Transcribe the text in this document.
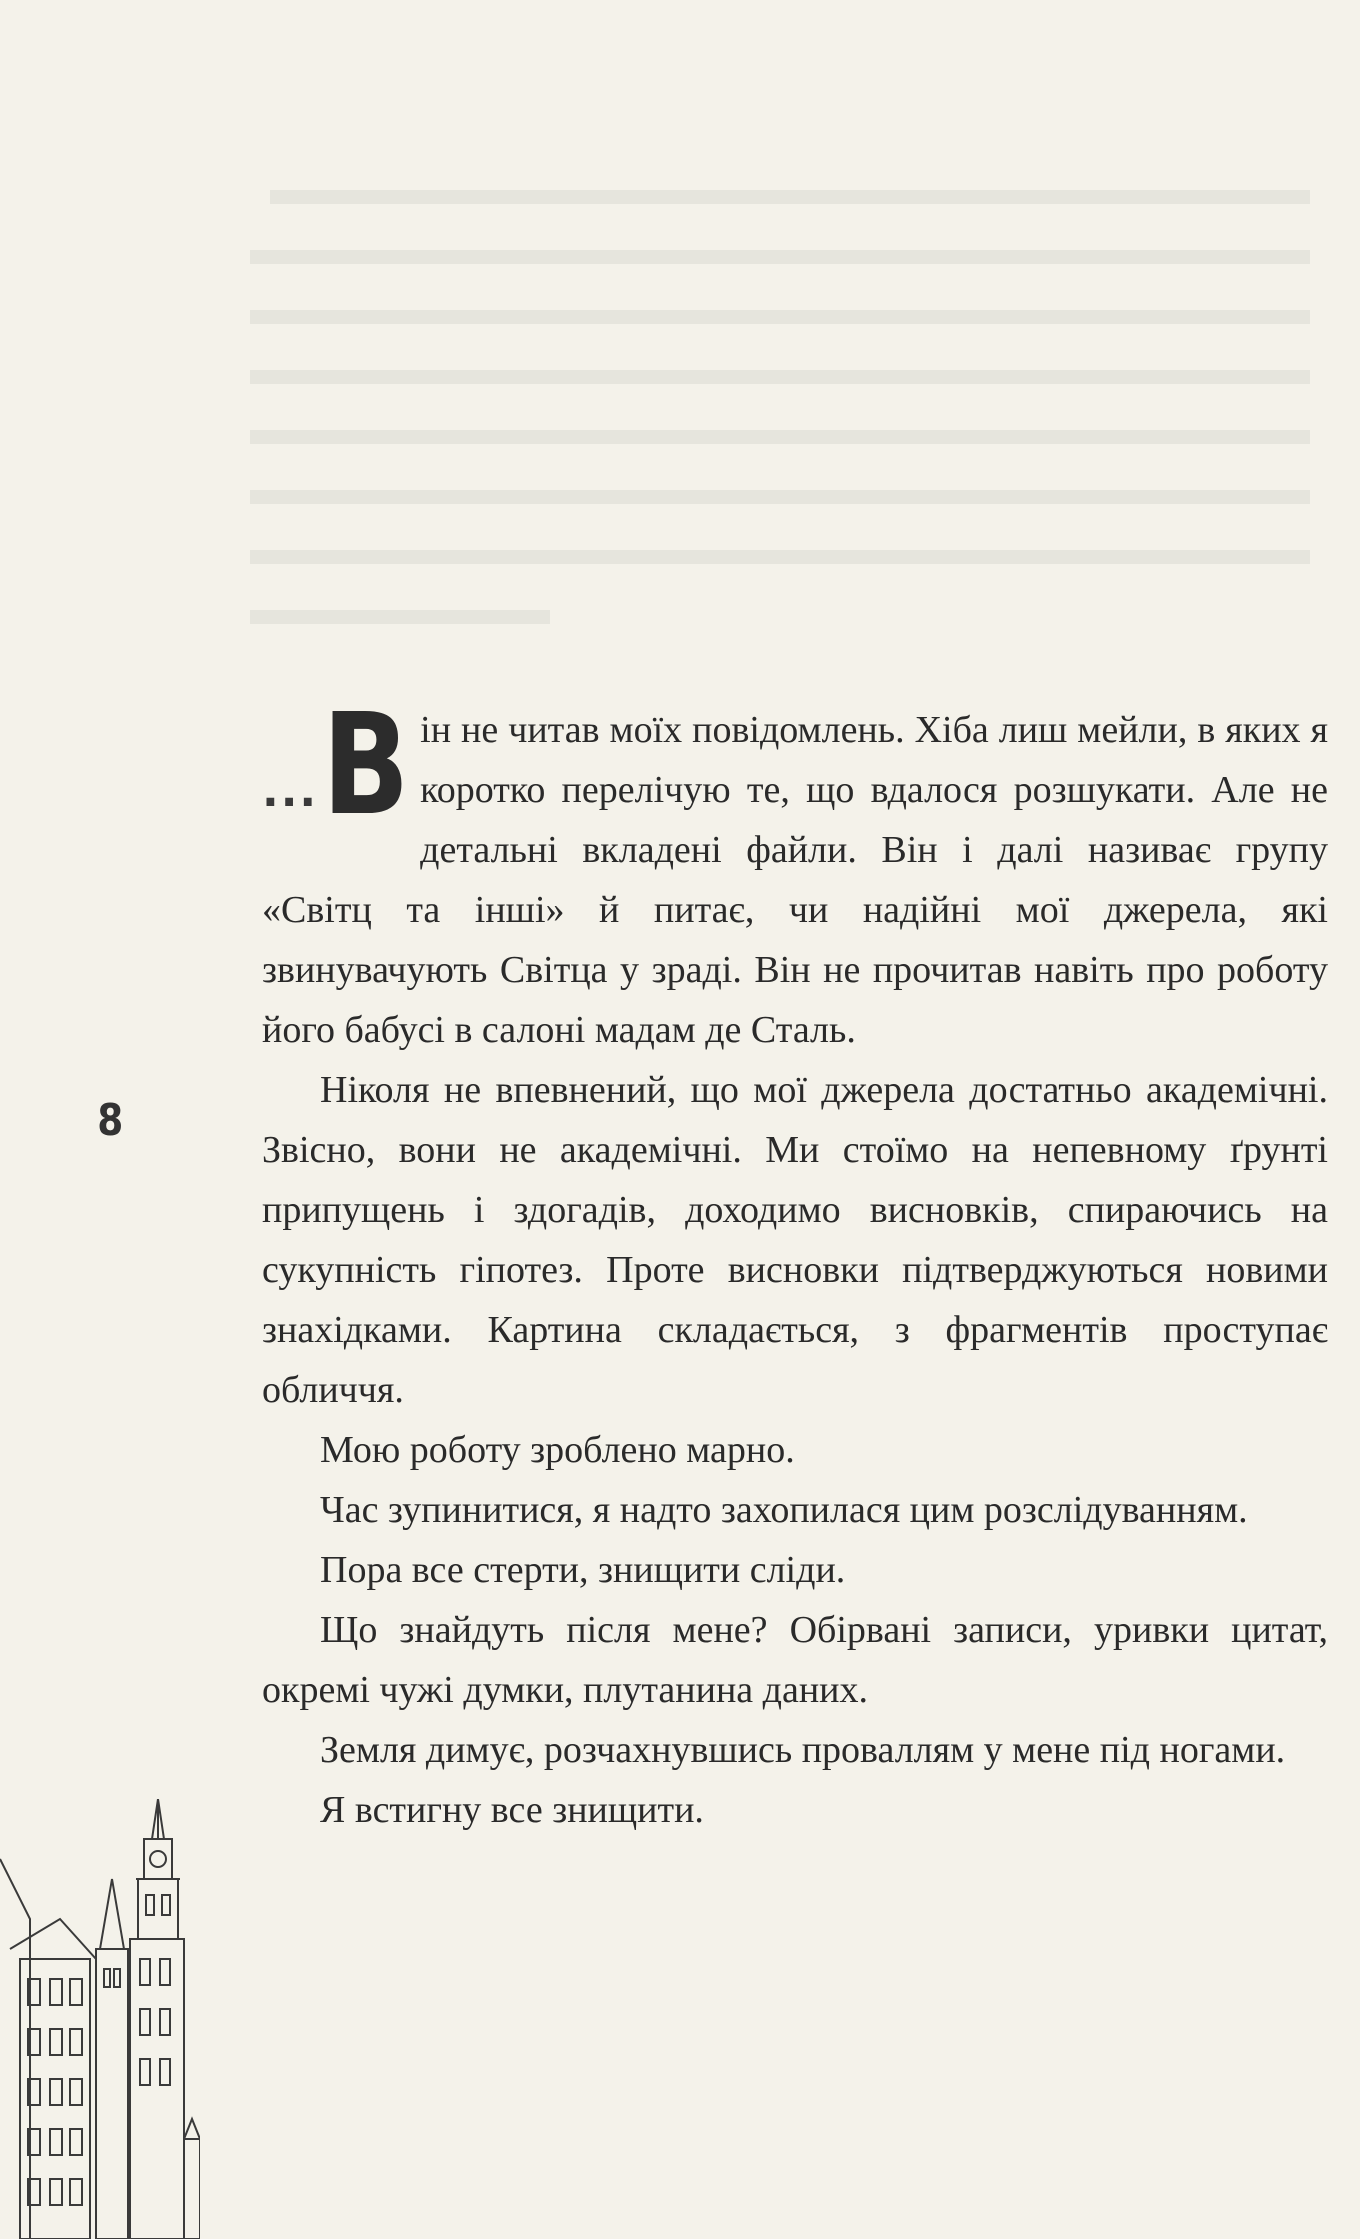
8

... В ін не читав моїх повідомлень. Хіба лиш мейли, в яких я коротко перелічую те, що вдалося розшукати. Але не детальні вкладені файли. Він і далі називає групу «Світц та інші» й питає, чи надійні мої джерела, які звинувачують Світца у зраді. Він не прочитав навіть про роботу його бабусі в салоні мадам де Сталь.

Ніколя не впевнений, що мої джерела достатньо академічні. Звісно, вони не академічні. Ми стоїмо на непевному ґрунті припущень і здогадів, доходимо висновків, спираючись на сукупність гіпотез. Проте висновки підтверджуються новими знахідками. Картина складається, з фрагментів проступає обличчя.

Мою роботу зроблено марно.

Час зупинитися, я надто захопилася цим розслідуванням.

Пора все стерти, знищити сліди.

Що знайдуть після мене? Обірвані записи, уривки цитат, окремі чужі думки, плутанина даних.

Земля димує, розчахнувшись проваллям у мене під ногами.

Я встигну все знищити.
